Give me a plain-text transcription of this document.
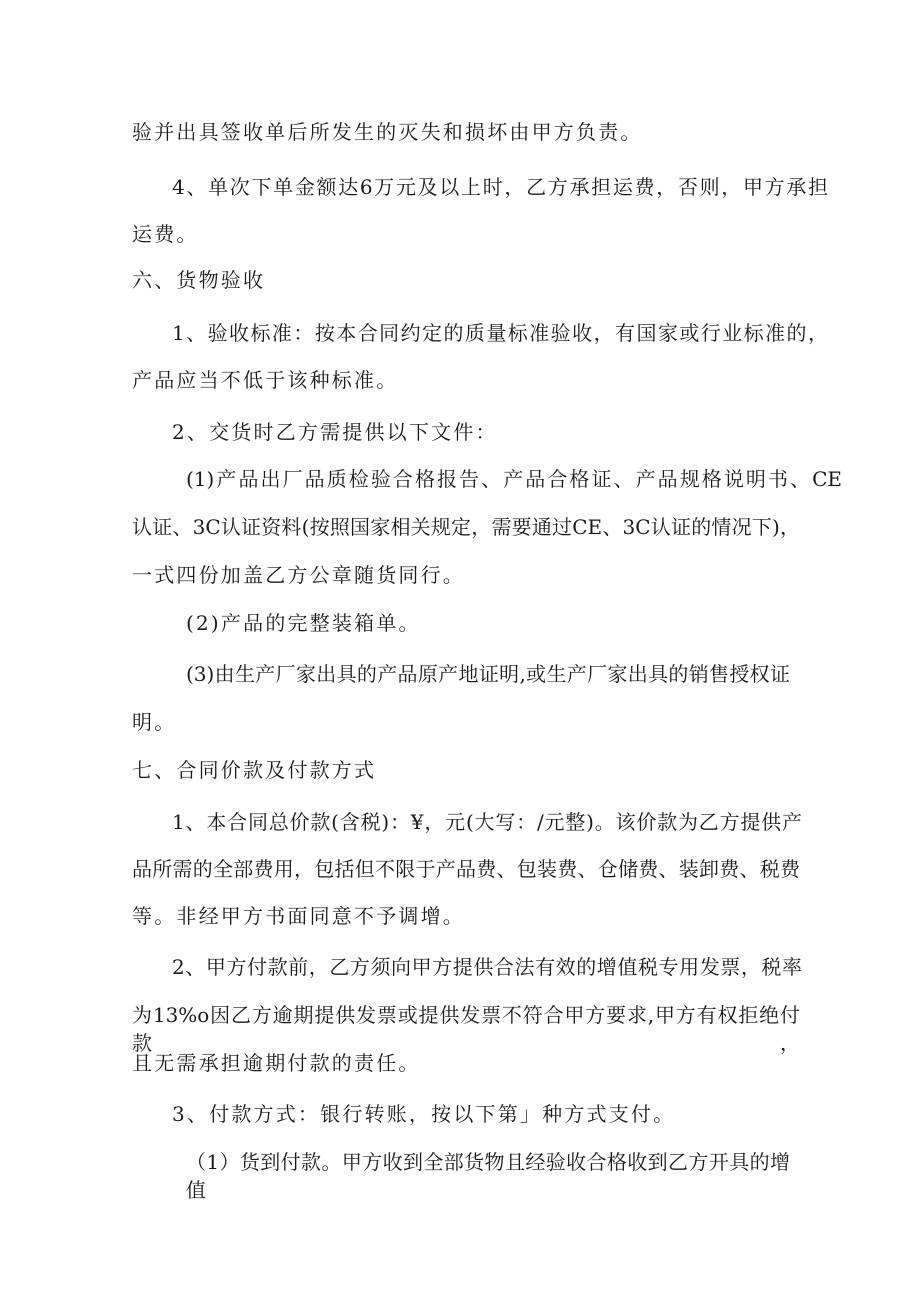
验并出具签收单后所发生的灭失和损坏由甲方负责。
4、单次下单金额达6万元及以上时，乙方承担运费，否则，甲方承担
运费。
六、货物验收
1、验收标准：按本合同约定的质量标准验收，有国家或行业标准的，
产品应当不低于该种标准。
2、交货时乙方需提供以下文件：
(1)产品出厂品质检验合格报告、产品合格证、产品规格说明书、CE
认证、3C认证资料(按照国家相关规定，需要通过CE、3C认证的情况下)，
一式四份加盖乙方公章随货同行。
(2)产品的完整装箱单。
(3)由生产厂家出具的产品原产地证明,或生产厂家出具的销售授权证
明。
七、合同价款及付款方式
1、本合同总价款(含税)：¥，元(大写：/元整)。该价款为乙方提供产
品所需的全部费用，包括但不限于产品费、包装费、仓储费、装卸费、税费
等。非经甲方书面同意不予调增。
2、甲方付款前，乙方须向甲方提供合法有效的增值税专用发票，税率
为13%o因乙方逾期提供发票或提供发票不符合甲方要求,甲方有权拒绝付款，
且无需承担逾期付款的责任。
3、付款方式：银行转账，按以下第」种方式支付。
（1）货到付款。甲方收到全部货物且经验收合格收到乙方开具的增值
